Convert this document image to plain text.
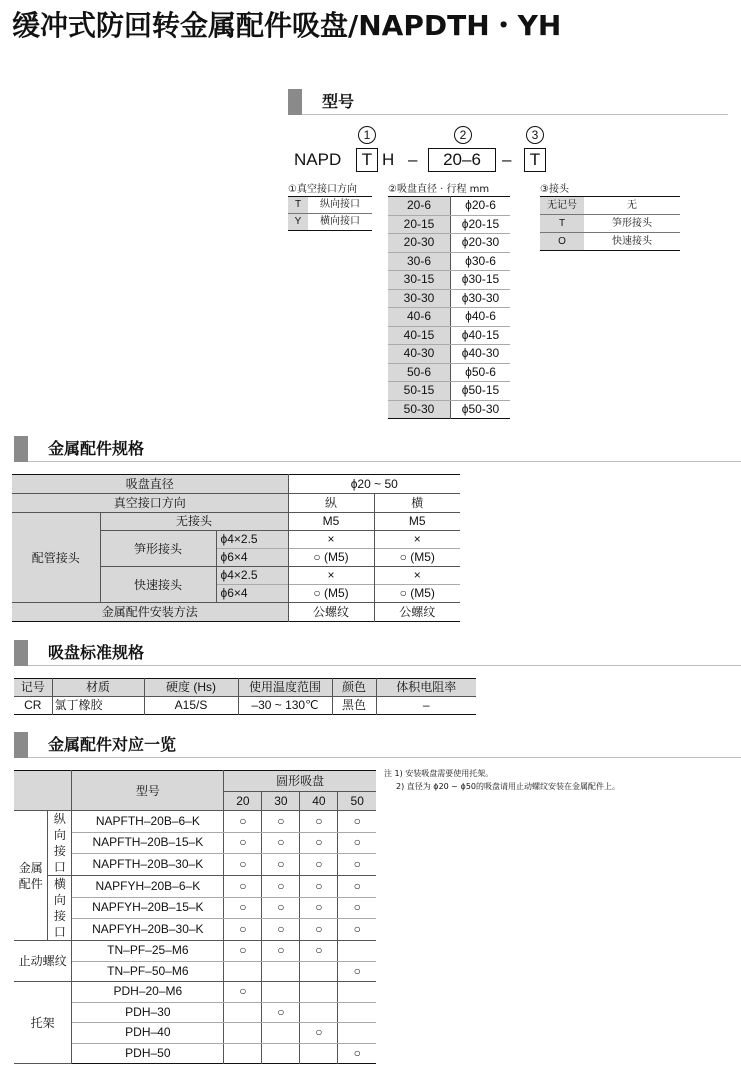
缓冲式防回转金属配件吸盘/NAPDTH・YH
型号
1	2	3
NAPD	T H –	20–6	–	T
①真空接口方向	②吸盘直径 · 行程 mm	③接头
T	纵向接口
Y	横向接口
20-6	ϕ20-6
20-15	ϕ20-15
20-30	ϕ20-30
30-6	ϕ30-6
30-15	ϕ30-15
30-30	ϕ30-30
40-6	ϕ40-6
40-15	ϕ40-15
40-30	ϕ40-30
50-6	ϕ50-6
50-15	ϕ50-15
50-30	ϕ50-30
无记号	无
T	笋形接头
O	快速接头
金属配件规格
吸盘直径			ϕ20 ~ 50	
真空接口方向			纵	横
配管接头	无接头		M5	M5
	笋形接头	ϕ4×2.5	×	×
		ϕ6×4	○ (M5)	○ (M5)
	快速接头	ϕ4×2.5	×	×
		ϕ6×4	○ (M5)	○ (M5)
金属配件安装方法			公螺纹	公螺纹
吸盘标准规格
记号	材质	硬度 (Hs)	使用温度范围	颜色	体积电阻率
CR	氯丁橡胶	A15/S	–30 ~ 130℃	黑色	–
金属配件对应一览
		型号	圆形吸盘			
			20	30	40	50
金属配件	纵向接口	NAPFTH–20B–6–K	○	○	○	○
		NAPFTH–20B–15–K	○	○	○	○
		NAPFTH–20B–30–K	○	○	○	○
	横向接口	NAPFYH–20B–6–K	○	○	○	○
		NAPFYH–20B–15–K	○	○	○	○
		NAPFYH–20B–30–K	○	○	○	○
止动螺纹		TN–PF–25–M6	○	○	○	
		TN–PF–50–M6				○
托架		PDH–20–M6	○			
		PDH–30		○		
		PDH–40			○	
		PDH–50				○
注 1) 安装吸盘需要使用托架。
2) 直径为 ϕ20 ~ ϕ50的吸盘请用止动螺纹安装在金属配件上。
